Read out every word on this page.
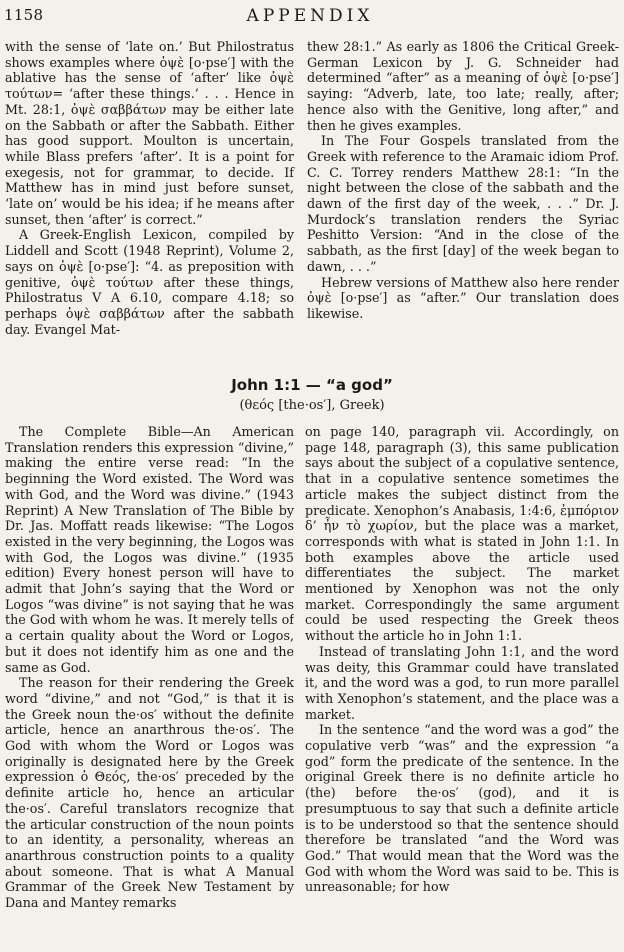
1158	APPENDIX

with the sense of ‘late on.’ But Philostratus shows examples where ὀψὲ [o·pse′] with the ablative has the sense of ‘after’ like ὀψὲ τούτων= ‘after these things.’ . . . Hence in Mt. 28:1, ὀψὲ σαββάτων may be either late on the Sabbath or after the Sabbath. Either has good support. Moulton is uncertain, while Blass prefers ‘after’. It is a point for exegesis, not for grammar, to decide. If Matthew has in mind just before sunset, ‘late on’ would be his idea; if he means after sunset, then ‘after’ is correct.”

A Greek-English Lexicon, compiled by Liddell and Scott (1948 Reprint), Volume 2, says on ὀψὲ [o·pse′]: “4. as preposition with genitive, ὀψὲ τούτων after these things, Philostratus V A 6.10, compare 4.18; so perhaps ὀψὲ σαββάτων after the sabbath day. Evangel Mat-

thew 28:1.” As early as 1806 the Critical Greek-German Lexicon by J. G. Schneider had determined “after” as a meaning of ὀψὲ [o·pse′] saying: “Adverb, late, too late; really, after; hence also with the Genitive, long after,” and then he gives examples.

In The Four Gospels translated from the Greek with reference to the Aramaic idiom Prof. C. C. Torrey renders Matthew 28:1: “In the night between the close of the sabbath and the dawn of the first day of the week, . . .” Dr. J. Murdock’s translation renders the Syriac Peshitto Version: “And in the close of the sabbath, as the first [day] of the week began to dawn, . . .”

Hebrew versions of Matthew also here render ὀψὲ [o·pse′] as “after.” Our translation does likewise.

John 1:1 — “a god”
(θεός [the·os′], Greek)

The Complete Bible—An American Translation renders this expression “divine,” making the entire verse read: “In the beginning the Word existed. The Word was with God, and the Word was divine.” (1943 Reprint) A New Translation of The Bible by Dr. Jas. Moffatt reads likewise: “The Logos existed in the very beginning, the Logos was with God, the Logos was divine.” (1935 edition) Every honest person will have to admit that John’s saying that the Word or Logos “was divine” is not saying that he was the God with whom he was. It merely tells of a certain quality about the Word or Logos, but it does not identify him as one and the same as God.

The reason for their rendering the Greek word “divine,” and not “God,” is that it is the Greek noun the·os′ without the definite article, hence an anarthrous the·os′. The God with whom the Word or Logos was originally is designated here by the Greek expression ὁ Θεός, the·os′ preceded by the definite article ho, hence an articular the·os′. Careful translators recognize that the articular construction of the noun points to an identity, a personality, whereas an anarthrous construction points to a quality about someone. That is what A Manual Grammar of the Greek New Testament by Dana and Mantey remarks

on page 140, paragraph vii. Accordingly, on page 148, paragraph (3), this same publication says about the subject of a copulative sentence, that in a copulative sentence sometimes the article makes the subject distinct from the predicate. Xenophon’s Anabasis, 1:4:6, ἐμπόριον δ’ ἦν τὸ χωρίον, but the place was a market, corresponds with what is stated in John 1:1. In both examples above the article used differentiates the subject. The market mentioned by Xenophon was not the only market. Correspondingly the same argument could be used respecting the Greek theos without the article ho in John 1:1.

Instead of translating John 1:1, and the word was deity, this Grammar could have translated it, and the word was a god, to run more parallel with Xenophon’s statement, and the place was a market.

In the sentence “and the word was a god” the copulative verb “was” and the expression “a god” form the predicate of the sentence. In the original Greek there is no definite article ho (the) before the·os′ (god), and it is presumptuous to say that such a definite article is to be understood so that the sentence should therefore be translated “and the Word was God.” That would mean that the Word was the God with whom the Word was said to be. This is unreasonable; for how
